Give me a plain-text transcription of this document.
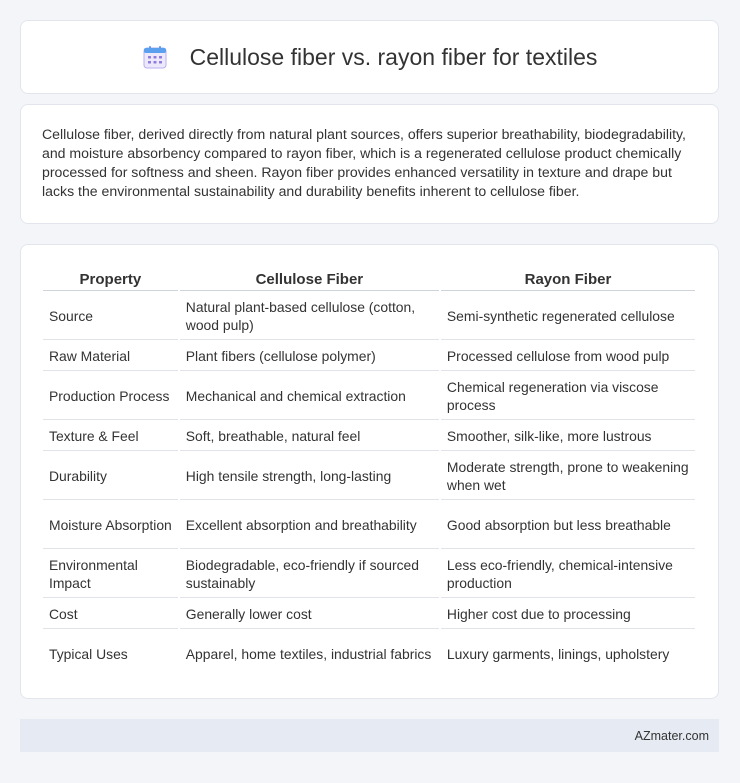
Cellulose fiber vs. rayon fiber for textiles

Cellulose fiber, derived directly from natural plant sources, offers superior breathability, biodegradability, and moisture absorbency compared to rayon fiber, which is a regenerated cellulose product chemically processed for softness and sheen. Rayon fiber provides enhanced versatility in texture and drape but lacks the environmental sustainability and durability benefits inherent to cellulose fiber.

Property	Cellulose Fiber	Rayon Fiber
Source	Natural plant-based cellulose (cotton, wood pulp)	Semi-synthetic regenerated cellulose
Raw Material	Plant fibers (cellulose polymer)	Processed cellulose from wood pulp
Production Process	Mechanical and chemical extraction	Chemical regeneration via viscose process
Texture & Feel	Soft, breathable, natural feel	Smoother, silk-like, more lustrous
Durability	High tensile strength, long-lasting	Moderate strength, prone to weakening when wet
Moisture Absorption	Excellent absorption and breathability	Good absorption but less breathable
Environmental Impact	Biodegradable, eco-friendly if sourced sustainably	Less eco-friendly, chemical-intensive production
Cost	Generally lower cost	Higher cost due to processing
Typical Uses	Apparel, home textiles, industrial fabrics	Luxury garments, linings, upholstery
AZmater.com
